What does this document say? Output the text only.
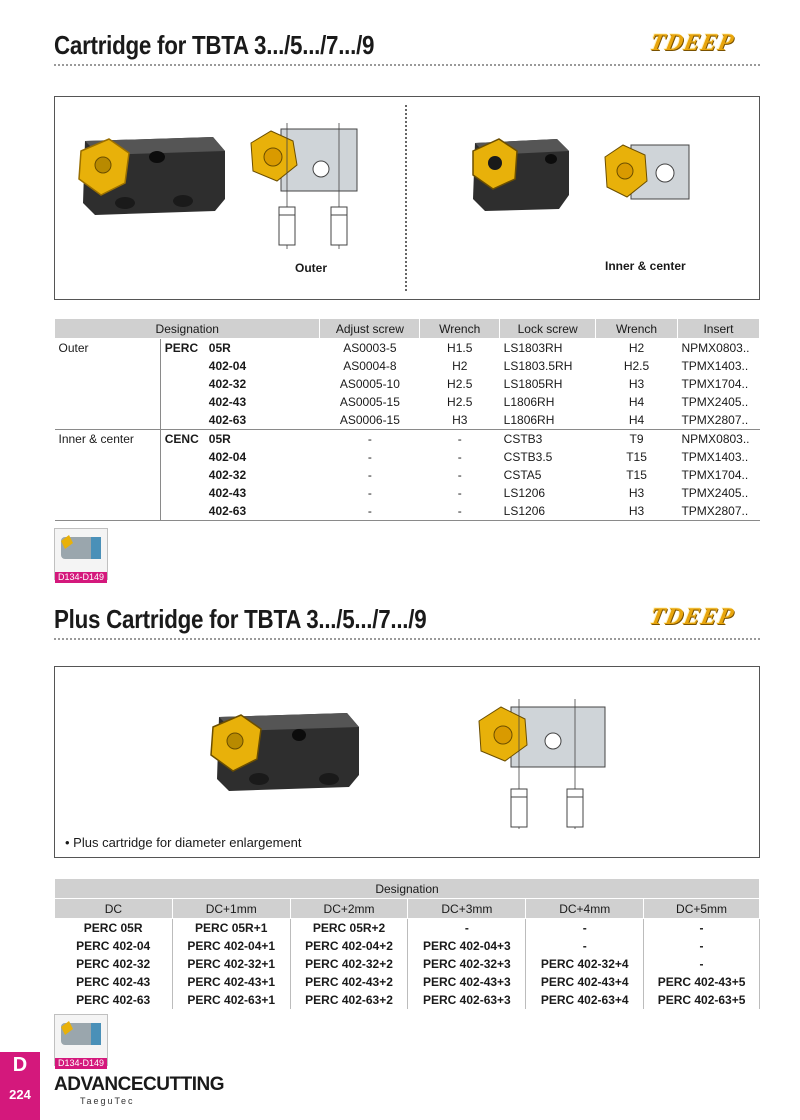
Cartridge for TBTA 3.../5.../7.../9	TDEEP
Outer	Inner & center
Designation		Adjust screw	Wrench	Lock screw	Wrench	Insert
Outer	PERC 05R	AS0003-5	H1.5	LS1803RH	H2	NPMX0803..
	402-04	AS0004-8	H2	LS1803.5RH	H2.5	TPMX1403..
	402-32	AS0005-10	H2.5	LS1805RH	H3	TPMX1704..
	402-43	AS0005-15	H2.5	L1806RH	H4	TPMX2405..
	402-63	AS0006-15	H3	L1806RH	H4	TPMX2807..
Inner & center	CENC 05R	-	-	CSTB3	T9	NPMX0803..
	402-04	-	-	CSTB3.5	T15	TPMX1403..
	402-32	-	-	CSTA5	T15	TPMX1704..
	402-43	-	-	LS1206	H3	TPMX2405..
	402-63	-	-	LS1206	H3	TPMX2807..
D134-D149
Plus Cartridge for TBTA 3.../5.../7.../9	TDEEP
• Plus cartridge for diameter enlargement
Designation					
DC	DC+1mm	DC+2mm	DC+3mm	DC+4mm	DC+5mm
PERC 05R	PERC 05R+1	PERC 05R+2	-	-	-
PERC 402-04	PERC 402-04+1	PERC 402-04+2	PERC 402-04+3	-	-
PERC 402-32	PERC 402-32+1	PERC 402-32+2	PERC 402-32+3	PERC 402-32+4	-
PERC 402-43	PERC 402-43+1	PERC 402-43+2	PERC 402-43+3	PERC 402-43+4	PERC 402-43+5
PERC 402-63	PERC 402-63+1	PERC 402-63+2	PERC 402-63+3	PERC 402-63+4	PERC 402-63+5
D134-D149
D
224	ADVANCECUTTING
TaeguTec
